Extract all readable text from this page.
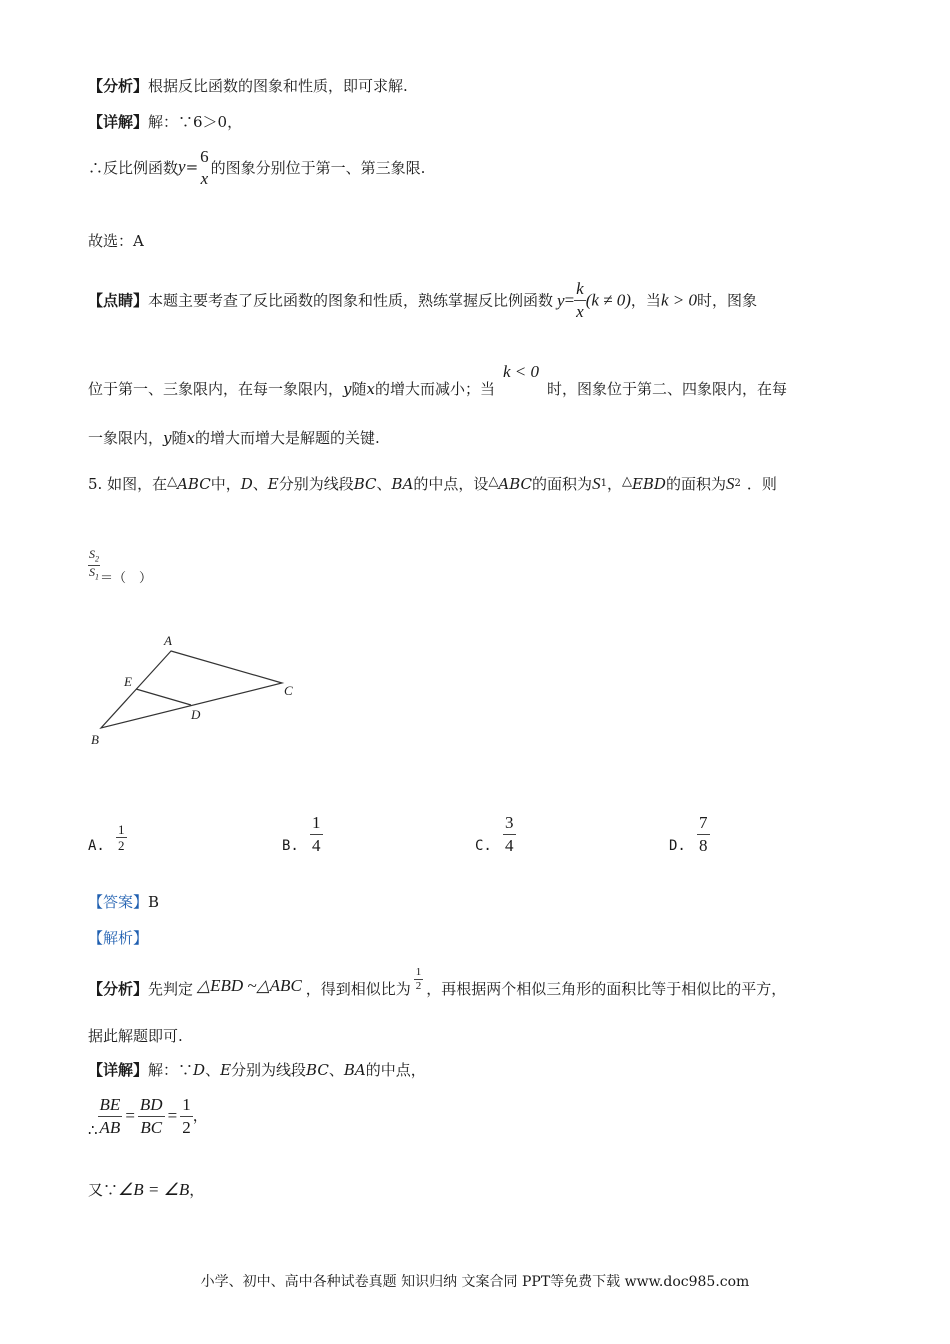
【分析】根据反比函数的图象和性质，即可求解.
【详解】解：∵6＞0，
∴反比例函数y=
6
x
的图象分别位于第一、第三象限.
故选：A
【点睛】本题主要考查了反比函数的图象和性质，熟练掌握反比例函数 $y= \frac{k}{x} (k \ne 0)$，当k > 0时，图象
位于第一、三象限内，在每一象限内，y随x的增大而减小；当k < 0时，图象位于第二、四象限内，在每
一象限内，y随x的增大而增大是解题的关键.
5. 如图，在△ABC中，D、E分别为线段BC、BA的中点，设△ABC的面积为$S^1$，△EBD的面积为$S^2$ ．则
$\frac{S_2}{S_1}$ ＝（　）
A
B
C
D
E
A. $\frac{1}{2}$	B. $\frac{1}{4}$	C. $\frac{3}{4}$	D. $\frac{7}{8}$
【答案】B
【解析】
【分析】先判定 △EBD ~△ABC ，得到相似比为 $\frac{1}{2}$ ，再根据两个相似三角形的面积比等于相似比的平方，
据此解题即可.
【详解】解：∵D、E分别为线段BC、BA的中点，
∴ $\frac{BE}{AB} = \frac{BD}{BC} = \frac{1}{2}$ ，
又∵∠B = ∠B，
小学、初中、高中各种试卷真题 知识归纳 文案合同 PPT等免费下载 www.doc985.com
